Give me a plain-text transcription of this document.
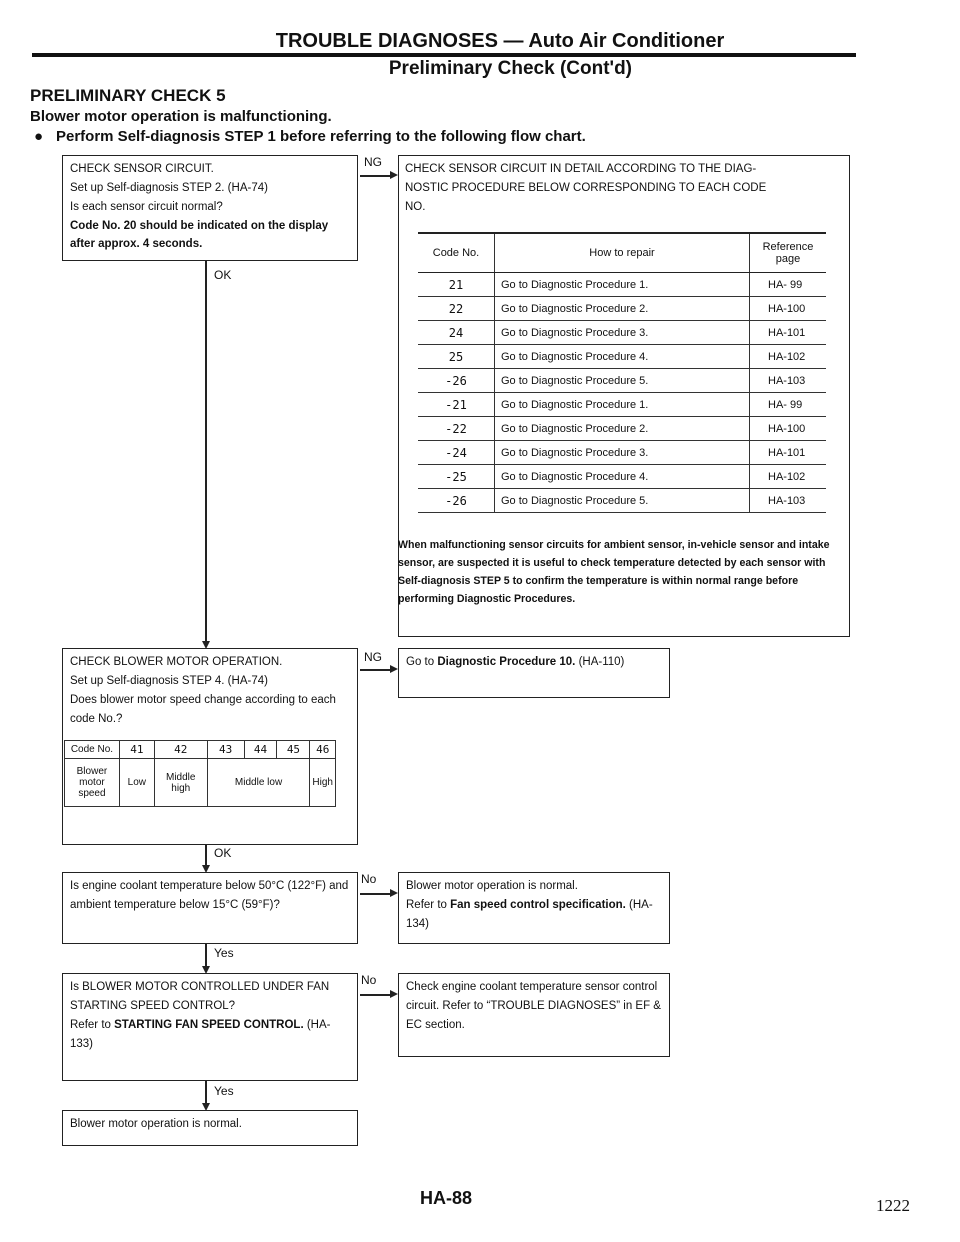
TROUBLE DIAGNOSES — Auto Air Conditioner
Preliminary Check (Cont'd)
PRELIMINARY CHECK 5
Blower motor operation is malfunctioning.
● Perform Self-diagnosis STEP 1 before referring to the following flow chart.
CHECK SENSOR CIRCUIT.
Set up Self-diagnosis STEP 2. (HA-74)
Is each sensor circuit normal?
Code No. 20 should be indicated on the display after approx. 4 seconds.
NG CHECK SENSOR CIRCUIT IN DETAIL ACCORDING TO THE DIAG-
NOSTIC PROCEDURE BELOW CORRESPONDING TO EACH CODE
NO.
Code No.	How to repair	Reference page
21	Go to Diagnostic Procedure 1.	HA- 99
22	Go to Diagnostic Procedure 2.	HA-100
24	Go to Diagnostic Procedure 3.	HA-101
25	Go to Diagnostic Procedure 4.	HA-102
-26	Go to Diagnostic Procedure 5.	HA-103
-21	Go to Diagnostic Procedure 1.	HA- 99
-22	Go to Diagnostic Procedure 2.	HA-100
-24	Go to Diagnostic Procedure 3.	HA-101
-25	Go to Diagnostic Procedure 4.	HA-102
-26	Go to Diagnostic Procedure 5.	HA-103
When malfunctioning sensor circuits for ambient sensor, in-vehicle sensor and intake sensor, are suspected it is useful to check temperature detected by each sensor with Self-diagnosis STEP 5 to confirm the temperature is within normal range before performing Diagnostic Procedures.
OK
CHECK BLOWER MOTOR OPERATION.
Set up Self-diagnosis STEP 4. (HA-74)
Does blower motor speed change according to each code No.?
Code No.	41	42	43	44	45	46
Blower motor speed	Low	Middle high	Middle low			High
NG	Go to Diagnostic Procedure 10. (HA-110)
OK
Is engine coolant temperature below 50°C (122°F) and ambient temperature below 15°C (59°F)?
No	Blower motor operation is normal.
Refer to Fan speed control specification. (HA-134)
Yes
Is BLOWER MOTOR CONTROLLED UNDER FAN STARTING SPEED CONTROL?
Refer to STARTING FAN SPEED CONTROL. (HA-133)
No	Check engine coolant temperature sensor control circuit. Refer to “TROUBLE DIAGNOSES” in EF & EC section.
Yes
Blower motor operation is normal.
HA-88	1222
